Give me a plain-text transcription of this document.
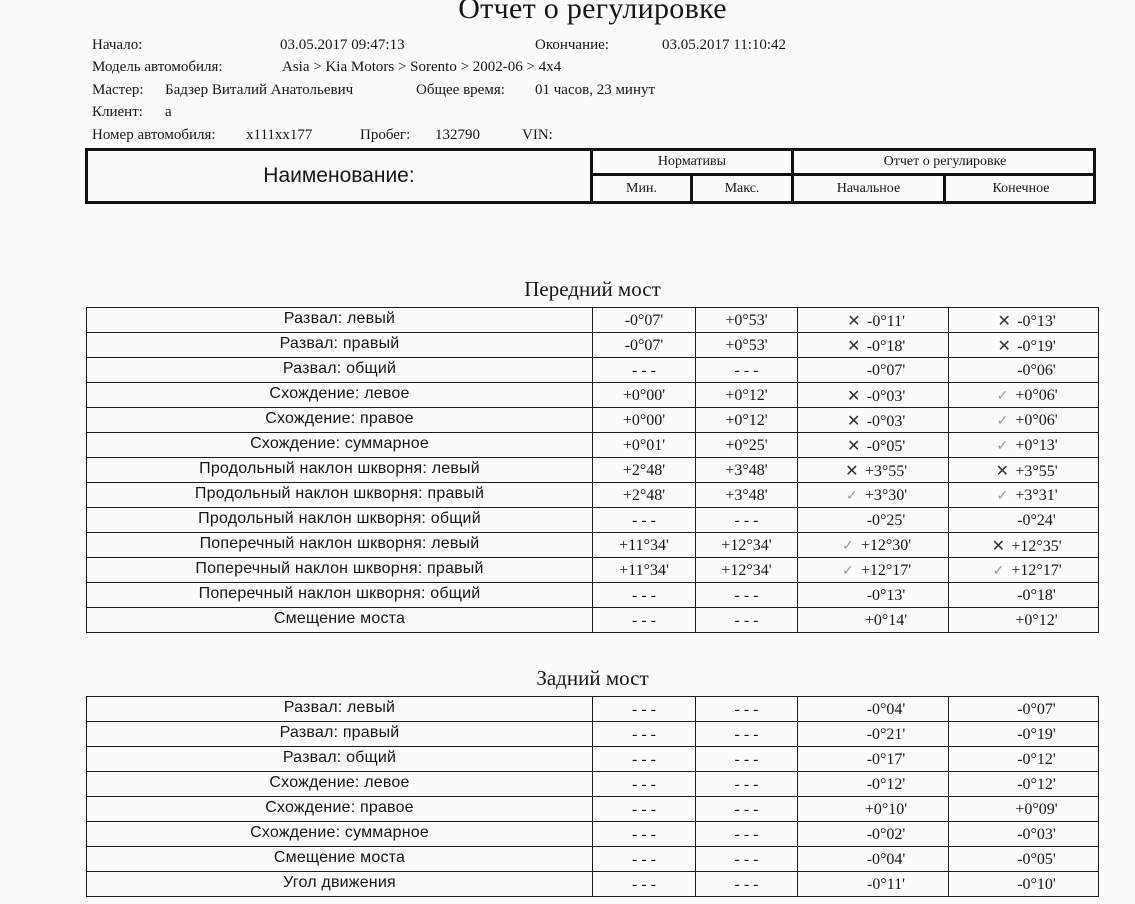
Отчет о регулировке
Начало:	03.05.2017 09:47:13	Окончание:	03.05.2017 11:10:42
Модель автомобиля:	Asia > Kia Motors > Sorento > 2002-06 > 4x4
Мастер: Бадзер Виталий Анатольевич	Общее время: 01 часов, 23 минут
Клиент: а
Номер автомобиля: х111хх177	Пробег: 132790	VIN:
Наименование:
Нормативы	Отчет о регулировке
Мин.	Макс.	Начальное	Конечное
Передний мост
Развал: левый	-0°07'	+0°53'	✕ -0°11'	✕ -0°13'
Развал: правый	-0°07'	+0°53'	✕ -0°18'	✕ -0°19'
Развал: общий	- - -	- - -	-0°07'	-0°06'
Схождение: левое	+0°00'	+0°12'	✕ -0°03'	✓ +0°06'
Схождение: правое	+0°00'	+0°12'	✕ -0°03'	✓ +0°06'
Схождение: суммарное	+0°01'	+0°25'	✕ -0°05'	✓ +0°13'
Продольный наклон шкворня: левый	+2°48'	+3°48'	✕ +3°55'	✕ +3°55'
Продольный наклон шкворня: правый	+2°48'	+3°48'	✓ +3°30'	✓ +3°31'
Продольный наклон шкворня: общий	- - -	- - -	-0°25'	-0°24'
Поперечный наклон шкворня: левый	+11°34'	+12°34'	✓ +12°30'	✕ +12°35'
Поперечный наклон шкворня: правый	+11°34'	+12°34'	✓ +12°17'	✓ +12°17'
Поперечный наклон шкворня: общий	- - -	- - -	-0°13'	-0°18'
Смещение моста	- - -	- - -	+0°14'	+0°12'
Задний мост
Развал: левый	- - -	- - -	-0°04'	-0°07'
Развал: правый	- - -	- - -	-0°21'	-0°19'
Развал: общий	- - -	- - -	-0°17'	-0°12'
Схождение: левое	- - -	- - -	-0°12'	-0°12'
Схождение: правое	- - -	- - -	+0°10'	+0°09'
Схождение: суммарное	- - -	- - -	-0°02'	-0°03'
Смещение моста	- - -	- - -	-0°04'	-0°05'
Угол движения	- - -	- - -	-0°11'	-0°10'
